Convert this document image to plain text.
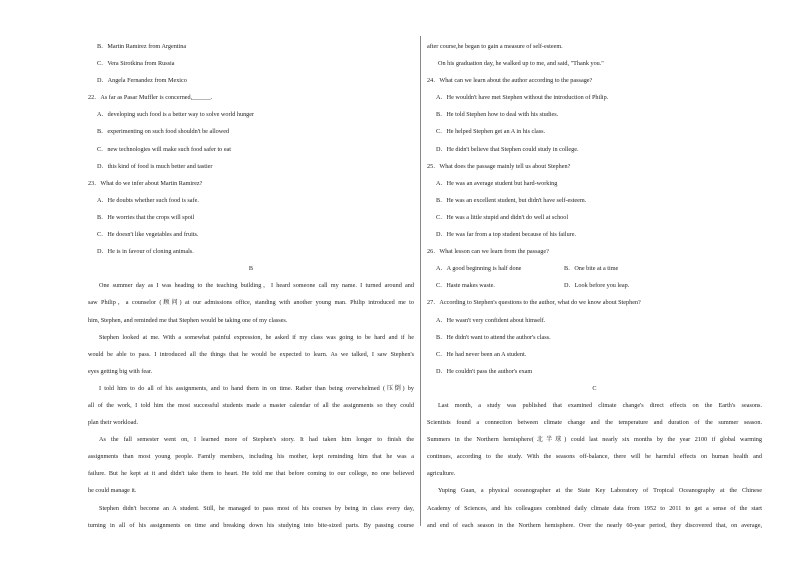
B．Martin Ramirez from Argentina
C．Vera Sirotkina from Russia
D．Angela Fernandez from Mexico
22．As far as Pasar Muffler is concerned,______.
A．developing such food is a better way to solve world hunger
B．experimenting on such food shouldn't be allowed
C．new technologies will make such food safer to eat
D．this kind of food is much better and tastier
23．What do we infer about Martin Ramirez?
A．He doubts whether such food is safe.
B．He worries that the crops will spoil
C．He doesn't like vegetables and fruits.
D．He is in favour of cloning animals.
B
One summer day as I was heading to the teaching building，I heard someone call my name. I turned around and
saw Philip，a counselor (顾问) at our admissions office, standing with another young man. Philip introduced me to
him, Stephen, and reminded me that Stephen would be taking one of my classes.
Stephen looked at me. With a somewhat painful expression, he asked if my class was going to be hard and if he
would be able to pass. I introduced all the things that he would be expected to learn. As we talked, I saw Stephen's
eyes getting big with fear.
I told him to do all of his assignments, and to hand them in on time. Rather than being overwhelmed (压倒) by
all of the work, I told him the most successful students made a master calendar of all the assignments so they could
plan their workload.
As the fall semester went on, I learned more of Stephen's story. It had taken him longer to finish the
assignments than most young people. Family members, including his mother, kept reminding him that he was a
failure. But he kept at it and didn't take them to heart. He told me that before coming to our college, no one believed
he could manage it.
Stephen didn't become an A student. Still, he managed to pass most of his courses by being in class every day,
turning in all of his assignments on time and breaking down his studying into bite-sized parts. By passing course
after course,he began to gain a measure of self-esteem.
On his graduation day, he walked up to me, and said, "Thank you."
24．What can we learn about the author according to the passage?
A．He wouldn't have met Stephen without the introduction of Philip.
B．He told Stephen how to deal with his studies.
C．He helped Stephen get an A in his class.
D．He didn't believe that Stephen could study in college.
25．What does the passage mainly tell us about Stephen?
A．He was an average student but hard-working
B．He was an excellent student, but didn't have self-esteem.
C．He was a little stupid and didn't do well at school
D．He was far from a top student because of his failure.
26．What lesson can we learn from the passage?
A．A good beginning is half done	B．One bite at a time
C．Haste makes waste.	D．Look before you leap.
27．According to Stephen's questions to the author, what do we know about Stephen?
A．He wasn't very confident about himself.
B．He didn't want to attend the author's class.
C．He had never been an A student.
D．He couldn't pass the author's exam
C
Last month, a study was published that examined climate change's direct effects on the Earth's seasons.
Scientists found a connection between climate change and the temperature and duration of the summer season.
Summers in the Northern hemisphere(北半球) could last nearly six months by the year 2100 if global warming
continues, according to the study. With the seasons off-balance, there will be harmful effects on human health and
agriculture.
Yuping Guan, a physical oceanographer at the State Key Laboratory of Tropical Oceanography at the Chinese
Academy of Sciences, and his colleagues combined daily climate data from 1952 to 2011 to get a sense of the start
and end of each season in the Northern hemisphere. Over the nearly 60-year period, they discovered that, on average,
